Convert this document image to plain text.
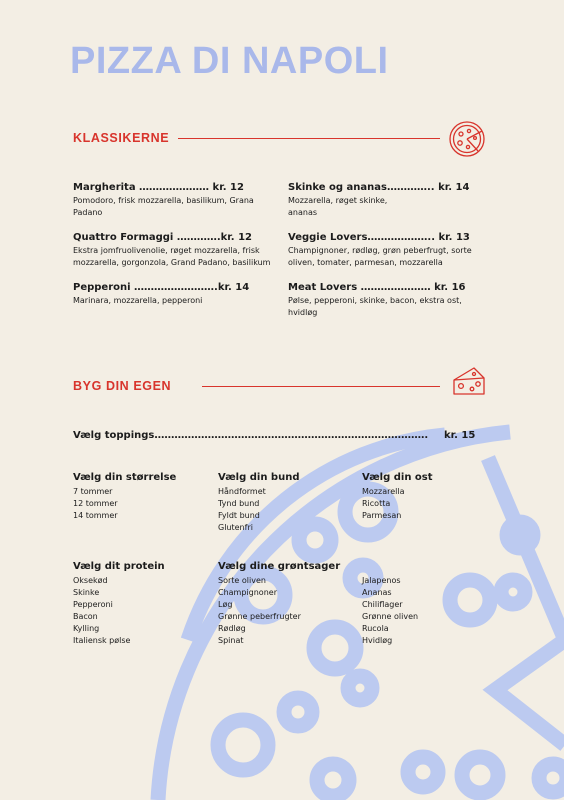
PIZZA DI NAPOLI
KLASSIKERNE
Margherita ………………… kr. 12
Pomodoro, frisk mozzarella, basilikum, Grana Padano
Skinke og ananas………….. kr. 14
Mozzarella, røget skinke, ananas
Quattro Formaggi ………….kr. 12
Ekstra jomfruolivenolie, røget mozzarella, frisk mozzarella, gorgonzola, Grand Padano, basilikum
Veggie Lovers……………….. kr. 13
Champignoner, rødløg, grøn peberfrugt, sorte oliven, tomater, parmesan, mozzarella
Pepperoni …………………….kr. 14
Marinara, mozzarella, pepperoni
Meat Lovers ………………… kr. 16
Pølse, pepperoni, skinke, bacon, ekstra ost, hvidløg
BYG DIN EGEN
Vælg toppings……………………………………………………………………….	kr. 15
Vælg din størrelse
7 tommer
12 tommer
14 tommer
Vælg din bund
Håndformet
Tynd bund
Fyldt bund
Glutenfri
Vælg din ost
Mozzarella
Ricotta
Parmesan
Vælg dit protein
Oksekød
Skinke
Pepperoni
Bacon
Kylling
Italiensk pølse
Vælg dine grøntsager
Sorte oliven
Champignoner
Løg
Grønne peberfrugter
Rødløg
Spinat
Jalapenos
Ananas
Chiliflager
Grønne oliven
Rucola
Hvidløg
